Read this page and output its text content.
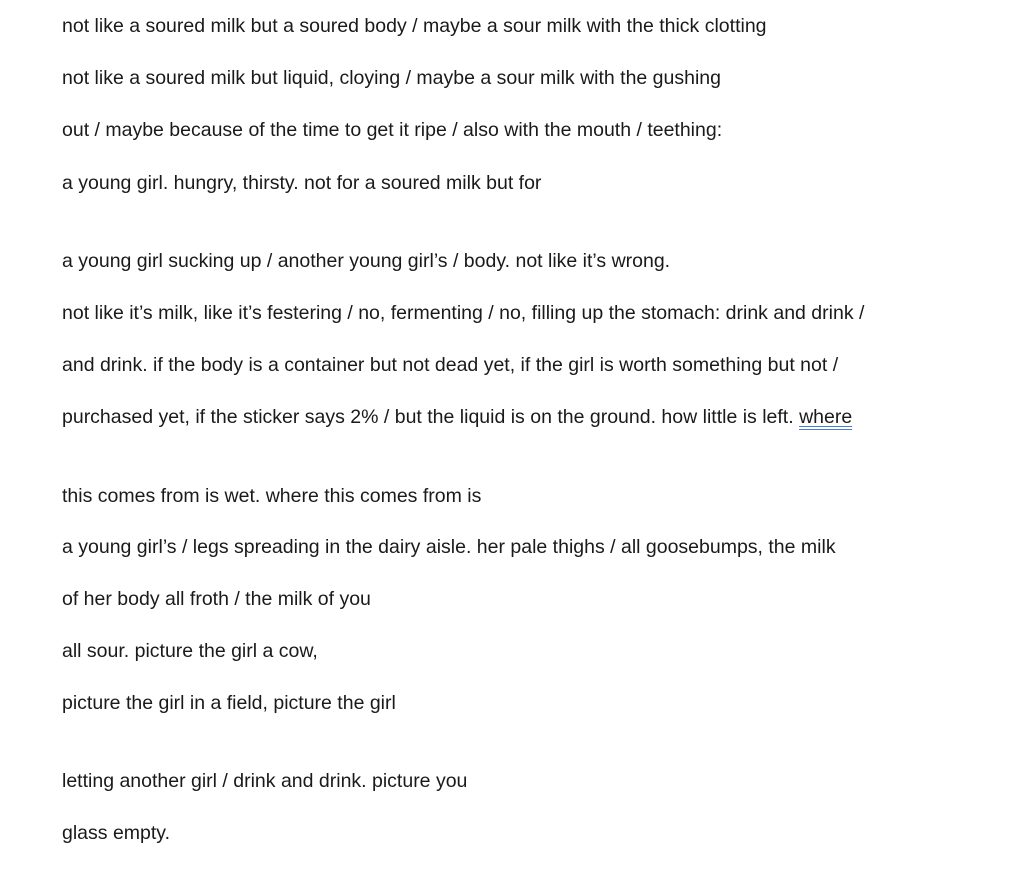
not like a soured milk but a soured body / maybe a sour milk with the thick clotting
not like a soured milk but liquid, cloying / maybe a sour milk with the gushing
out / maybe because of the time to get it ripe / also with the mouth / teething:
a young girl. hungry, thirsty. not for a soured milk but for
a young girl sucking up / another young girl’s / body. not like it’s wrong.
not like it’s milk, like it’s festering / no, fermenting / no, filling up the stomach: drink and drink /
and drink. if the body is a container but not dead yet, if the girl is worth something but not /
purchased yet, if the sticker says 2% / but the liquid is on the ground. how little is left. where
this comes from is wet. where this comes from is
a young girl’s / legs spreading in the dairy aisle. her pale thighs / all goosebumps, the milk
of her body all froth / the milk of you
all sour. picture the girl a cow,
picture the girl in a field, picture the girl
letting another girl / drink and drink. picture you
glass empty.
